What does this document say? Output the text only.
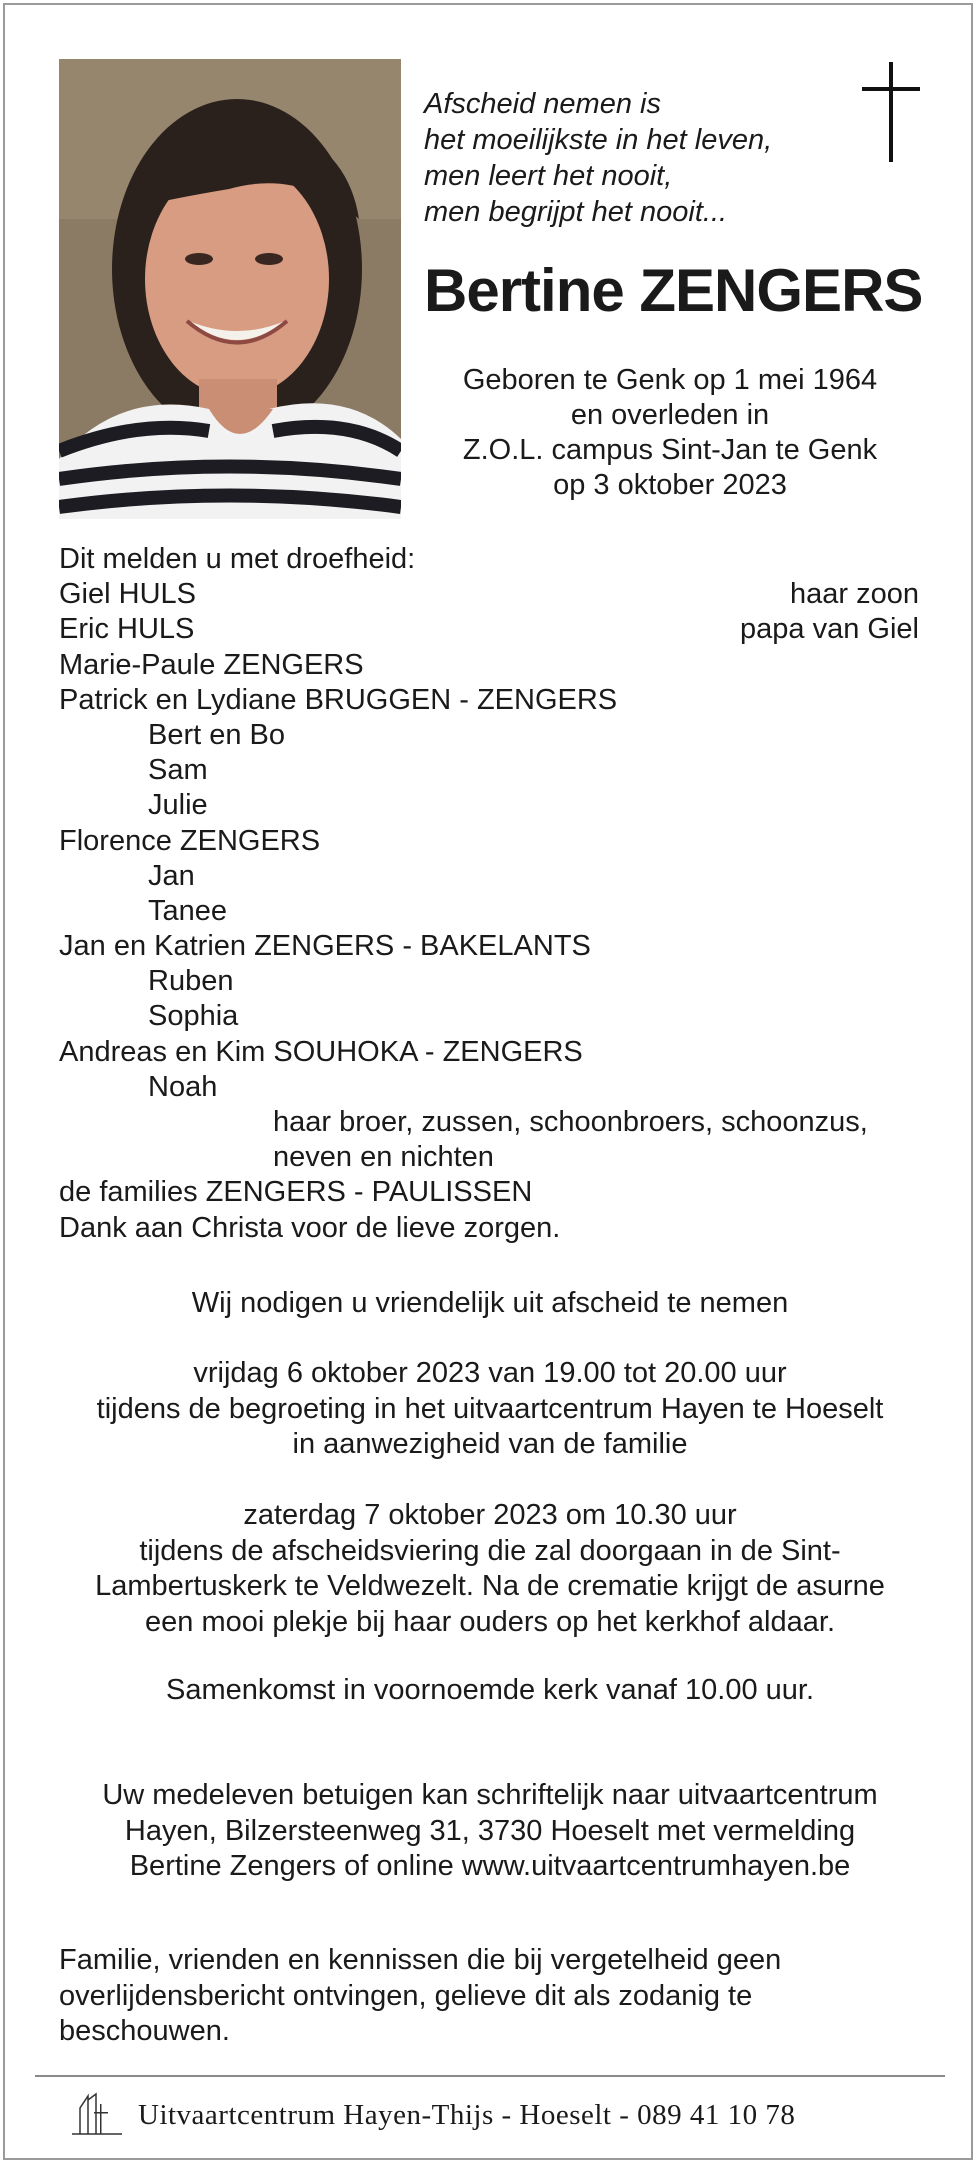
Afscheid nemen is
het moeilijkste in het leven,
men leert het nooit,
men begrijpt het nooit...
Bertine ZENGERS
Geboren te Genk op 1 mei 1964
en overleden in
Z.O.L. campus Sint-Jan te Genk
op 3 oktober 2023
Dit melden u met droefheid:
Giel HULS	haar zoon
Eric HULS	papa van Giel
Marie-Paule ZENGERS
Patrick en Lydiane BRUGGEN - ZENGERS
Bert en Bo
Sam
Julie
Florence ZENGERS
Jan
Tanee
Jan en Katrien ZENGERS - BAKELANTS
Ruben
Sophia
Andreas en Kim SOUHOKA - ZENGERS
Noah
haar broer, zussen, schoonbroers, schoonzus,
neven en nichten
de families ZENGERS - PAULISSEN
Dank aan Christa voor de lieve zorgen.
Wij nodigen u vriendelijk uit afscheid te nemen
vrijdag 6 oktober 2023 van 19.00 tot 20.00 uur
tijdens de begroeting in het uitvaartcentrum Hayen te Hoeselt
in aanwezigheid van de familie
zaterdag 7 oktober 2023 om 10.30 uur
tijdens de afscheidsviering die zal doorgaan in de Sint-
Lambertuskerk te Veldwezelt. Na de crematie krijgt de asurne
een mooi plekje bij haar ouders op het kerkhof aldaar.
Samenkomst in voornoemde kerk vanaf 10.00 uur.
Uw medeleven betuigen kan schriftelijk naar uitvaartcentrum
Hayen, Bilzersteenweg 31, 3730 Hoeselt met vermelding
Bertine Zengers of online www.uitvaartcentrumhayen.be
Familie, vrienden en kennissen die bij vergetelheid geen
overlijdensbericht ontvingen, gelieve dit als zodanig te
beschouwen.
Uitvaartcentrum Hayen-Thijs - Hoeselt - 089 41 10 78
